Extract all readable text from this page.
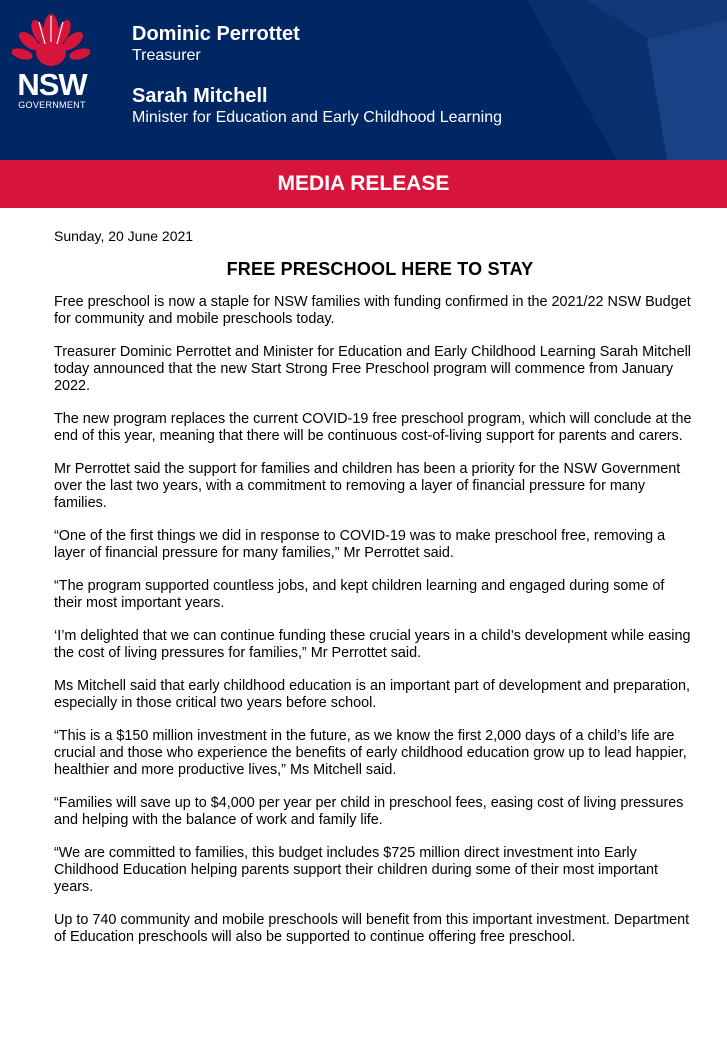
NSW
GOVERNMENT
Dominic Perrottet
Treasurer
Sarah Mitchell
Minister for Education and Early Childhood Learning
MEDIA RELEASE
Sunday, 20 June 2021
FREE PRESCHOOL HERE TO STAY

Free preschool is now a staple for NSW families with funding confirmed in the 2021/22 NSW Budget for community and mobile preschools today.

Treasurer Dominic Perrottet and Minister for Education and Early Childhood Learning Sarah Mitchell today announced that the new Start Strong Free Preschool program will commence from January 2022.

The new program replaces the current COVID-19 free preschool program, which will conclude at the end of this year, meaning that there will be continuous cost-of-living support for parents and carers.

Mr Perrottet said the support for families and children has been a priority for the NSW Government over the last two years, with a commitment to removing a layer of financial pressure for many families.

“One of the first things we did in response to COVID-19 was to make preschool free, removing a layer of financial pressure for many families,” Mr Perrottet said.

“The program supported countless jobs, and kept children learning and engaged during some of their most important years.

‘I’m delighted that we can continue funding these crucial years in a child’s development while easing the cost of living pressures for families,” Mr Perrottet said.

Ms Mitchell said that early childhood education is an important part of development and preparation, especially in those critical two years before school.

“This is a $150 million investment in the future, as we know the first 2,000 days of a child’s life are crucial and those who experience the benefits of early childhood education grow up to lead happier, healthier and more productive lives,” Ms Mitchell said.

“Families will save up to $4,000 per year per child in preschool fees, easing cost of living pressures and helping with the balance of work and family life.

“We are committed to families, this budget includes $725 million direct investment into Early Childhood Education helping parents support their children during some of their most important years.

Up to 740 community and mobile preschools will benefit from this important investment. Department of Education preschools will also be supported to continue offering free preschool.
